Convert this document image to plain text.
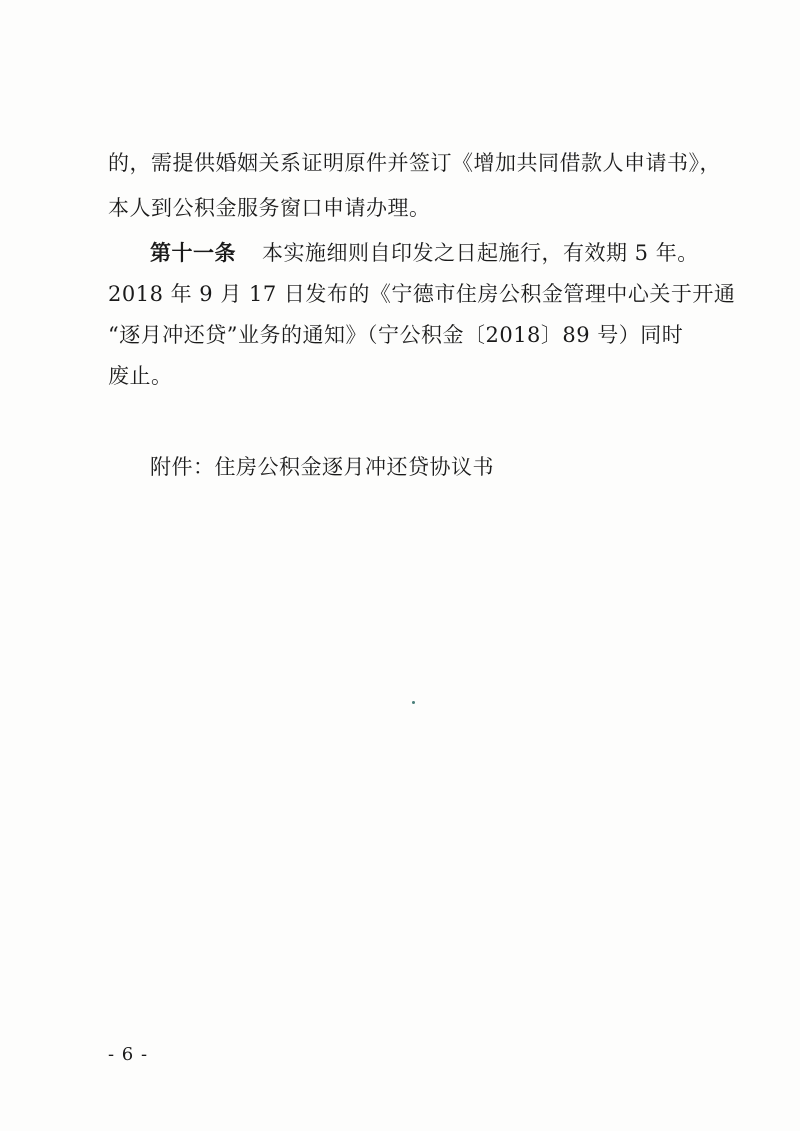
的，需提供婚姻关系证明原件并签订《增加共同借款人申请书》，
本人到公积金服务窗口申请办理。
第十一条 本实施细则自印发之日起施行，有效期 5 年。
2018 年 9 月 17 日发布的《宁德市住房公积金管理中心关于开通
“逐月冲还贷”业务的通知》（宁公积金〔2018〕89 号）同时
废止。
附件：住房公积金逐月冲还贷协议书
- 6 -
